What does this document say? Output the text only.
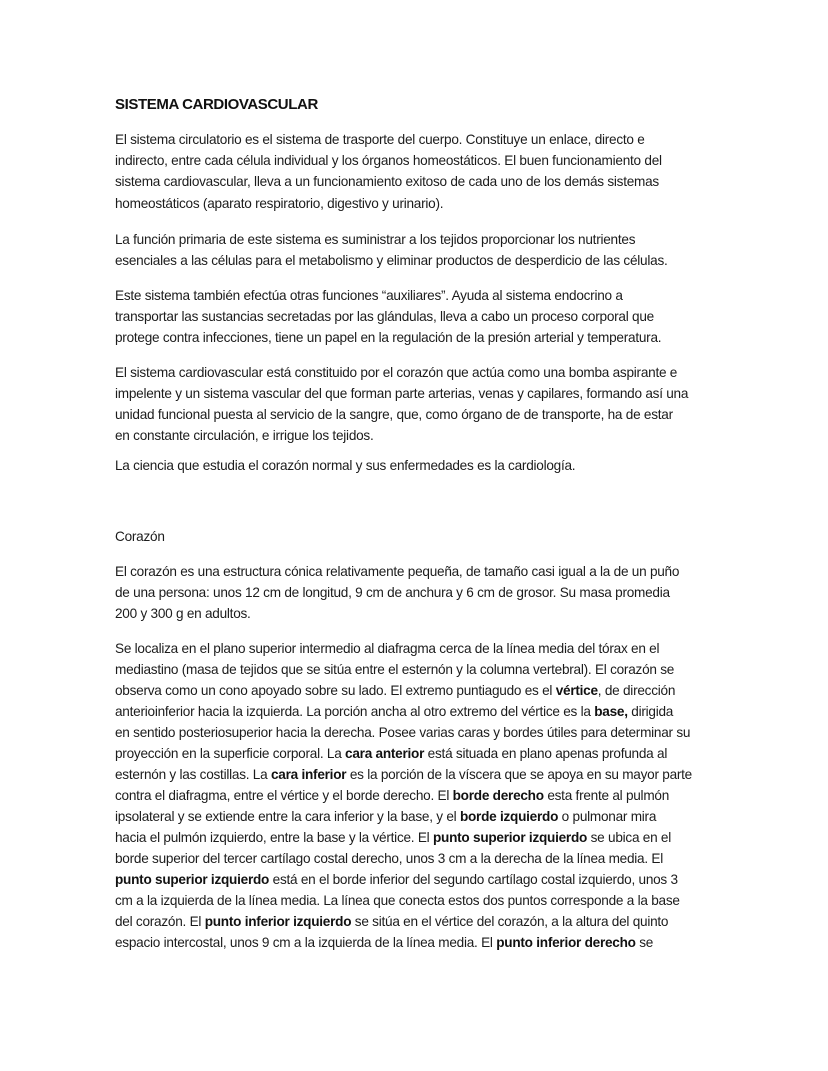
SISTEMA CARDIOVASCULAR
El sistema circulatorio es el sistema de trasporte del cuerpo. Constituye un enlace, directo e
indirecto, entre cada célula individual y los órganos homeostáticos. El buen funcionamiento del
sistema cardiovascular, lleva a un funcionamiento exitoso de cada uno de los demás sistemas
homeostáticos (aparato respiratorio, digestivo y urinario).
La función primaria de este sistema es suministrar a los tejidos proporcionar los nutrientes
esenciales a las células para el metabolismo y eliminar productos de desperdicio de las células.
Este sistema también efectúa otras funciones “auxiliares”. Ayuda al sistema endocrino a
transportar las sustancias secretadas por las glándulas, lleva a cabo un proceso corporal que
protege contra infecciones, tiene un papel en la regulación de la presión arterial y temperatura.
El sistema cardiovascular está constituido por el corazón que actúa como una bomba aspirante e
impelente y un sistema vascular del que forman parte arterias, venas y capilares, formando así una
unidad funcional puesta al servicio de la sangre, que, como órgano de de transporte, ha de estar
en constante circulación, e irrigue los tejidos.
La ciencia que estudia el corazón normal y sus enfermedades es la cardiología.
Corazón
El corazón es una estructura cónica relativamente pequeña, de tamaño casi igual a la de un puño
de una persona: unos 12 cm de longitud, 9 cm de anchura y 6 cm de grosor. Su masa promedia
200 y 300 g en adultos.
Se localiza en el plano superior intermedio al diafragma cerca de la línea media del tórax en el
mediastino (masa de tejidos que se sitúa entre el esternón y la columna vertebral). El corazón se
observa como un cono apoyado sobre su lado. El extremo puntiagudo es el vértice, de dirección
anterioinferior hacia la izquierda. La porción ancha al otro extremo del vértice es la base, dirigida
en sentido posteriosuperior hacia la derecha. Posee varias caras y bordes útiles para determinar su
proyección en la superficie corporal. La cara anterior está situada en plano apenas profunda al
esternón y las costillas. La cara inferior es la porción de la víscera que se apoya en su mayor parte
contra el diafragma, entre el vértice y el borde derecho. El borde derecho esta frente al pulmón
ipsolateral y se extiende entre la cara inferior y la base, y el borde izquierdo o pulmonar mira
hacia el pulmón izquierdo, entre la base y la vértice. El punto superior izquierdo se ubica en el
borde superior del tercer cartílago costal derecho, unos 3 cm a la derecha de la línea media. El
punto superior izquierdo está en el borde inferior del segundo cartílago costal izquierdo, unos 3
cm a la izquierda de la línea media. La línea que conecta estos dos puntos corresponde a la base
del corazón. El punto inferior izquierdo se sitúa en el vértice del corazón, a la altura del quinto
espacio intercostal, unos 9 cm a la izquierda de la línea media. El punto inferior derecho se
